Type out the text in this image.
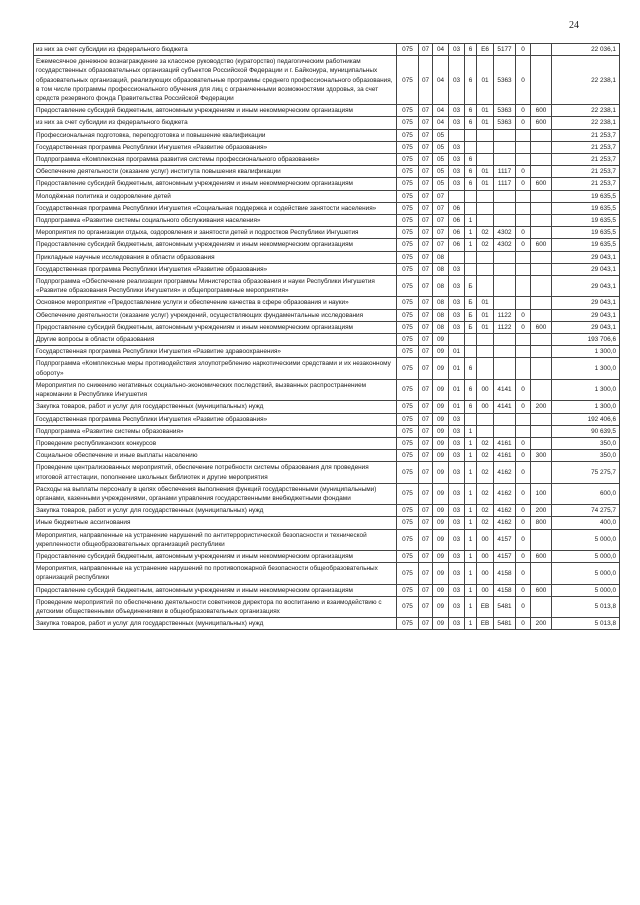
24
из них за счет субсидии из федерального бюджета	075	07	04	03	6	Е6	5177	0		22 036,1
Ежемесячное денежное вознаграждение за классное руководство (кураторство) педагогическим работникам государственных образовательных организаций субъектов Российской Федерации и г. Байконура, муниципальных образовательных организаций, реализующих образовательные программы среднего профессионального образования, в том числе программы профессионального обучения для лиц с ограниченными возможностями здоровья, за счет средств резервного фонда Правительства Российской Федерации	075	07	04	03	6	01	5363	0		22 238,1
Предоставление субсидий бюджетным, автономным учреждениям и иным некоммерческим организациям	075	07	04	03	6	01	5363	0	600	22 238,1
из них за счет субсидии из федерального бюджета	075	07	04	03	6	01	5363	0	600	22 238,1
Профессиональная подготовка, переподготовка и повышение квалификации	075	07	05							21 253,7
Государственная программа Республики Ингушетия «Развитие образования»	075	07	05	03						21 253,7
Подпрограмма «Комплексная программа развития системы профессионального образования»	075	07	05	03	6					21 253,7
Обеспечение деятельности (оказание услуг) института повышения квалификации	075	07	05	03	6	01	1117	0		21 253,7
Предоставление субсидий бюджетным, автономным учреждениям и иным некоммерческим организациям	075	07	05	03	6	01	1117	0	600	21 253,7
Молодёжная политика и оздоровление детей	075	07	07							19 635,5
Государственная программа Республики Ингушетия «Социальная поддержка и содействие занятости населения»	075	07	07	06						19 635,5
Подпрограмма «Развитие системы социального обслуживания населения»	075	07	07	06	1					19 635,5
Мероприятия по организации отдыха, оздоровления и занятости детей и подростков Республики Ингушетия	075	07	07	06	1	02	4302	0		19 635,5
Предоставление субсидий бюджетным, автономным учреждениям и иным некоммерческим организациям	075	07	07	06	1	02	4302	0	600	19 635,5
Прикладные научные исследования в области образования	075	07	08							29 043,1
Государственная программа Республики Ингушетия «Развитие образования»	075	07	08	03						29 043,1
Подпрограмма «Обеспечение реализации программы Министерства образования и науки Республики Ингушетия «Развитие образования Республики Ингушетия» и общепрограммные мероприятия»	075	07	08	03	Б					29 043,1
Основное мероприятие «Предоставление услуги и обеспечение качества в сфере образования и науки»	075	07	08	03	Б	01				29 043,1
Обеспечение деятельности (оказание услуг) учреждений, осуществляющих фундаментальные исследования	075	07	08	03	Б	01	1122	0		29 043,1
Предоставление субсидий бюджетным, автономным учреждениям и иным некоммерческим организациям	075	07	08	03	Б	01	1122	0	600	29 043,1
Другие вопросы в области образования	075	07	09							193 706,6
Государственная программа Республики Ингушетия «Развитие здравоохранения»	075	07	09	01						1 300,0
Подпрограмма «Комплексные меры противодействия злоупотреблению наркотическими средствами и их незаконному обороту»	075	07	09	01	6					1 300,0
Мероприятия по снижению негативных социально-экономических последствий, вызванных распространением наркомании в Республике Ингушетия	075	07	09	01	6	00	4141	0		1 300,0
Закупка товаров, работ и услуг для государственных (муниципальных) нужд	075	07	09	01	6	00	4141	0	200	1 300,0
Государственная программа Республики Ингушетия «Развитие образования»	075	07	09	03						192 406,6
Подпрограмма «Развитие системы образования»	075	07	09	03	1					90 639,5
Проведение республиканских конкурсов	075	07	09	03	1	02	4161	0		350,0
Социальное обеспечение и иные выплаты населению	075	07	09	03	1	02	4161	0	300	350,0
Проведение централизованных мероприятий, обеспечение потребности системы образования для проведения итоговой аттестации, пополнение школьных библиотек и другие мероприятия	075	07	09	03	1	02	4162	0		75 275,7
Расходы на выплаты персоналу в целях обеспечения выполнения функций государственными (муниципальными) органами, казенными учреждениями, органами управления государственными внебюджетными фондами	075	07	09	03	1	02	4162	0	100	600,0
Закупка товаров, работ и услуг для государственных (муниципальных) нужд	075	07	09	03	1	02	4162	0	200	74 275,7
Иные бюджетные ассигнования	075	07	09	03	1	02	4162	0	800	400,0
Мероприятия, направленные на устранение нарушений по антитеррористической безопасности и технической укрепленности общеобразовательных организаций республики	075	07	09	03	1	00	4157	0		5 000,0
Предоставление субсидий бюджетным, автономным учреждениям и иным некоммерческим организациям	075	07	09	03	1	00	4157	0	600	5 000,0
Мероприятия, направленные на устранение нарушений по противопожарной безопасности общеобразовательных организаций республики	075	07	09	03	1	00	4158	0		5 000,0
Предоставление субсидий бюджетным, автономным учреждениям и иным некоммерческим организациям	075	07	09	03	1	00	4158	0	600	5 000,0
Проведение мероприятий по обеспечению деятельности советников директора по воспитанию и взаимодействию с детскими общественными объединениями в общеобразовательных организациях	075	07	09	03	1	ЕВ	5481	0		5 013,8
Закупка товаров, работ и услуг для государственных (муниципальных) нужд	075	07	09	03	1	ЕВ	5481	0	200	5 013,8
